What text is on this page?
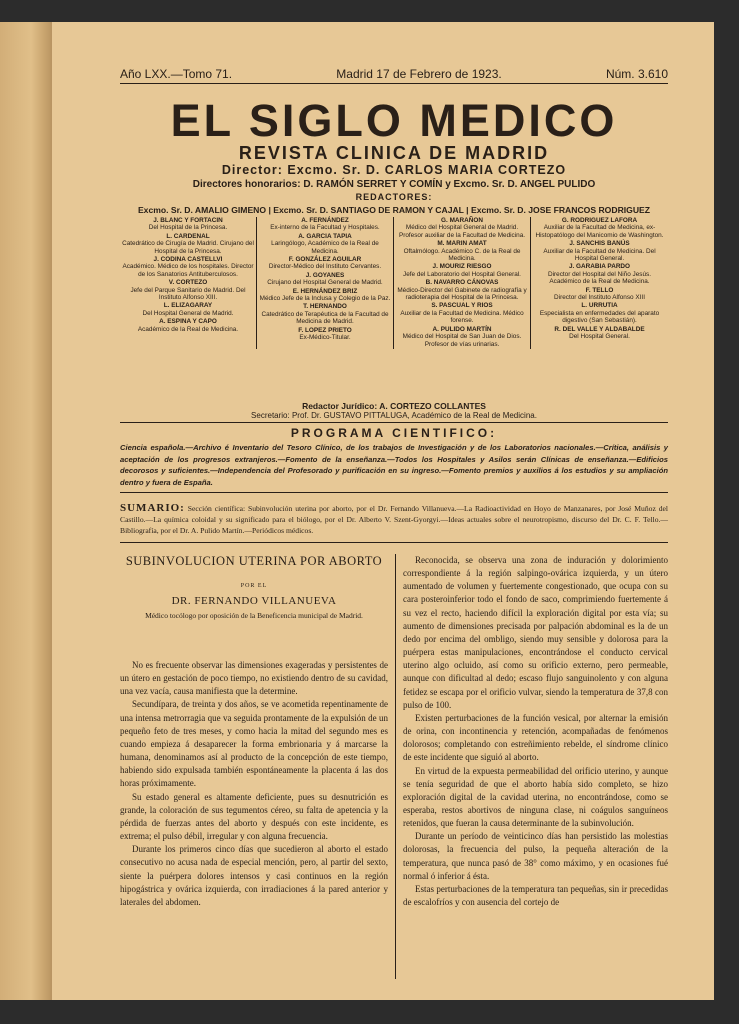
Año LXX.—Tomo 71.	Madrid 17 de Febrero de 1923.	Núm. 3.610
EL SIGLO MEDICO
REVISTA CLINICA DE MADRID
Director: Excmo. Sr. D. CARLOS MARIA CORTEZO
Directores honorarios: D. RAMÓN SERRET Y COMÍN y Excmo. Sr. D. ANGEL PULIDO
REDACTORES:
Excmo. Sr. D. AMALIO GIMENO | Excmo. Sr. D. SANTIAGO DE RAMON Y CAJAL | Excmo. Sr. D. JOSE FRANCOS RODRIGUEZ
J. BLANC Y FORTACIN
Del Hospital de la Princesa.
L. CARDENAL
Catedrático de Cirugía de Madrid. Cirujano del Hospital de la Princesa.
J. CODINA CASTELLVI
Académico. Médico de los hospitales. Director de los Sanatorios Antituberculosos.
V. CORTEZO
Jefe del Parque Sanitario de Madrid. Del Instituto Alfonso XIII.
L. ELIZAGARAY
Del Hospital General de Madrid.
A. ESPINA Y CAPO
Académico de la Real de Medicina.
A. FERNÁNDEZ
Ex-interno de la Facultad y Hospitales.
A. GARCIA TAPIA
Laringólogo, Académico de la Real de Medicina.
F. GONZÁLEZ AGUILAR
Director-Médico del Instituto Cervantes.
J. GOYANES
Cirujano del Hospital General de Madrid.
E. HERNÁNDEZ BRIZ
Médico Jefe de la Inclusa y Colegio de la Paz.
T. HERNANDO
Catedrático de Terapéutica de la Facultad de Medicina de Madrid.
F. LOPEZ PRIETO
Ex-Médico-Titular.
G. MARAÑON
Médico del Hospital General de Madrid. Profesor auxiliar de la Facultad de Medicina.
M. MARIN AMAT
Oftalmólogo. Académico C. de la Real de Medicina.
J. MOURIZ RIESGO
Jefe del Laboratorio del Hospital General.
B. NAVARRO CÁNOVAS
Médico-Director del Gabinete de radiografía y radioterapia del Hospital de la Princesa.
S. PASCUAL Y RIOS
Auxiliar de la Facultad de Medicina. Médico forense.
A. PULIDO MARTÍN
Médico del Hospital de San Juan de Dios. Profesor de vías urinarias.
G. RODRIGUEZ LAFORA
Auxiliar de la Facultad de Medicina, ex-Histopatólogo del Manicomio de Washington.
J. SANCHIS BANÚS
Auxiliar de la Facultad de Medicina. Del Hospital General.
J. GARABIA PARDO
Director del Hospital del Niño Jesús. Académico de la Real de Medicina.
F. TELLO
Director del Instituto Alfonso XIII
L. URRUTIA
Especialista en enfermedades del aparato digestivo (San Sebastián).
R. DEL VALLE Y ALDABALDE
Del Hospital General.
Redactor Jurídico: A. CORTEZO COLLANTES
Secretario: Prof. Dr. GUSTAVO PITTALUGA, Académico de la Real de Medicina.
PROGRAMA CIENTIFICO:
Ciencia española.—Archivo é Inventario del Tesoro Clínico, de los trabajos de Investigación y de los Laboratorios nacionales.—Crítica, análisis y aceptación de los progresos extranjeros.—Fomento de la enseñanza.—Todos los Hospitales y Asilos serán Clínicas de enseñanza.—Edificios decorosos y suficientes.—Independencia del Profesorado y purificación en su ingreso.—Fomento premios y auxilios á los estudios y su ampliación dentro y fuera de España.
SUMARIO: Sección científica: Subinvolución uterina por aborto, por el Dr. Fernando Villanueva.—La Radioactividad en Hoyo de Manzanares, por José Muñoz del Castillo.—La química coloidal y su significado para el biólogo, por el Dr. Alberto V. Szent-Gyorgyi.—Ideas actuales sobre el neurotropismo, discurso del Dr. C. F. Tello.—Bibliografía, por el Dr. A. Pulido Martín.—Periódicos médicos.
SUBINVOLUCION UTERINA POR ABORTO
POR EL
DR. FERNANDO VILLANUEVA
Médico tocólogo por oposición de la Beneficencia municipal de Madrid.

No es frecuente observar las dimensiones exageradas y persistentes de un útero en gestación de poco tiempo, no existiendo dentro de su cavidad, una vez vacía, causa manifiesta que la determine.

Secundípara, de treinta y dos años, se ve acometida repentinamente de una intensa metrorragia que va seguida prontamente de la expulsión de un pequeño feto de tres meses, y como hacia la mitad del segundo mes es cuando empieza á desaparecer la forma embrionaria y á marcarse la humana, denominamos así al producto de la concepción de este tiempo, habiendo sido expulsada también espontáneamente la placenta á las dos horas próximamente.

Su estado general es altamente deficiente, pues su desnutrición es grande, la coloración de sus tegumentos céreo, su falta de apetencia y la pérdida de fuerzas antes del aborto y después con este incidente, es extrema; el pulso débil, irregular y con alguna frecuencia.

Durante los primeros cinco días que sucedieron al aborto el estado consecutivo no acusa nada de especial mención, pero, al partir del sexto, siente la puérpera dolores intensos y casi continuos en la región hipogástrica y ovárica izquierda, con irradiaciones á la pared anterior y laterales del abdomen.

Reconocida, se observa una zona de induración y dolorimiento correspondiente á la región salpingo-ovárica izquierda, y un útero aumentado de volumen y fuertemente congestionado, que ocupa con su cara posteroinferior todo el fondo de saco, comprimiendo fuertemente á su vez el recto, haciendo difícil la exploración digital por esta vía; su aumento de dimensiones precisada por palpación abdominal es la de un dedo por encima del ombligo, siendo muy sensible y dolorosa para la puérpera estas manipulaciones, encontrándose el conducto cervical uterino algo ocluido, así como su orificio externo, pero permeable, aunque con dificultad al dedo; escaso flujo sanguinolento y con alguna fetidez se escapa por el orificio vulvar, siendo la temperatura de 37,8 con pulso de 100.

Existen perturbaciones de la función vesical, por alternar la emisión de orina, con incontinencia y retención, acompañadas de fenómenos dolorosos; completando con estreñimiento rebelde, el síndrome clínico de este incidente que siguió al aborto.

En virtud de la expuesta permeabilidad del orificio uterino, y aunque se tenía seguridad de que el aborto había sido completo, se hizo exploración digital de la cavidad uterina, no encontrándose, como se esperaba, restos abortivos de ninguna clase, ni coágulos sanguíneos retenidos, que fueran la causa determinante de la subinvolución.

Durante un período de veinticinco días han persistido las molestias dolorosas, la frecuencia del pulso, la pequeña alteración de la temperatura, que nunca pasó de 38° como máximo, y en ocasiones fué normal ó inferior á ésta.

Estas perturbaciones de la temperatura tan pequeñas, sin ir precedidas de escalofríos y con ausencia del cortejo de
